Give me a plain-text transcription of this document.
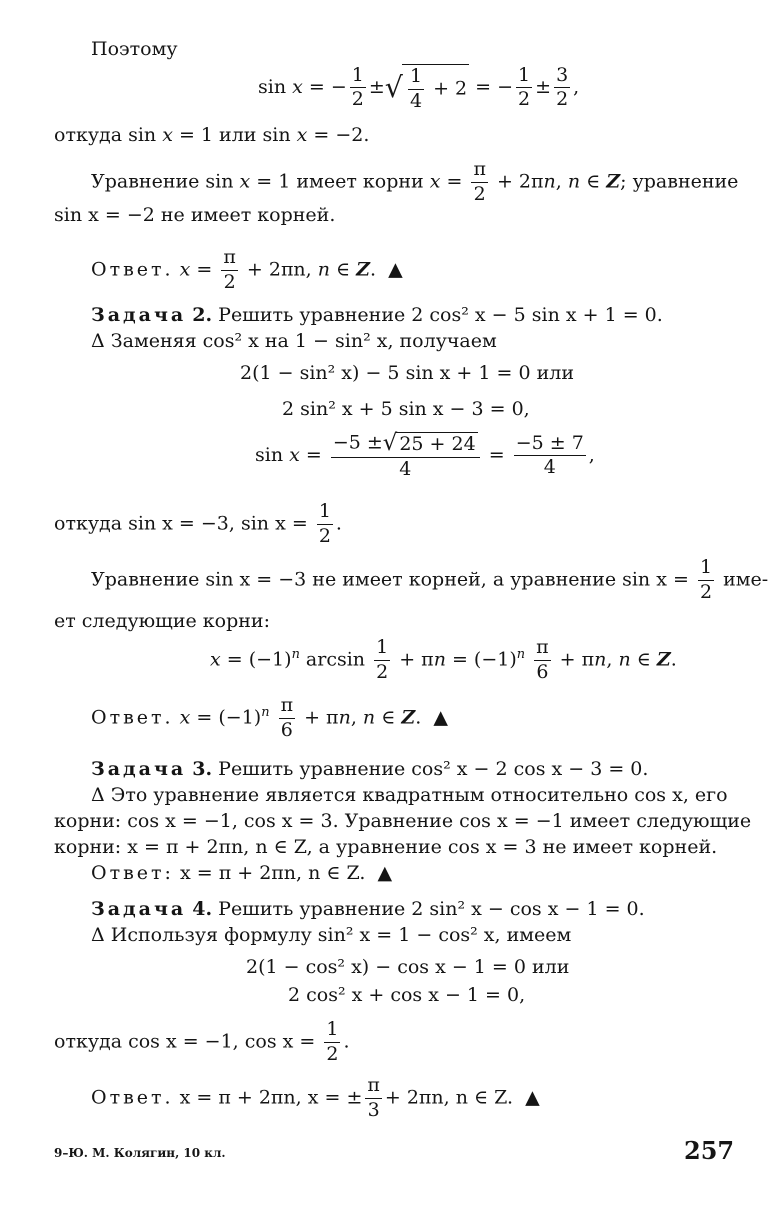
Поэтому
sin x = − $\frac{1}{2}$ ± √ $\frac{1}{4} + 2$ = − $\frac{1}{2} \pm \frac{3}{2}$ ,
откуда sin x = 1 или sin x = −2.
Уравнение sin x = 1 имеет корни $x = \frac{\pi}{2} + 2\pi n$, n ∈ Z; уравнение
sin x = −2 не имеет корней.
Ответ. $x = \frac{\pi}{2} + 2\pi n$, n ∈ Z.  ▲
Задача 2. Решить уравнение 2 cos² x − 5 sin x + 1 = 0.
Δ Заменяя cos² x на 1 − sin² x, получаем
2(1 − sin² x) − 5 sin x + 1 = 0 или
2 sin² x + 5 sin x − 3 = 0,
$\sin x = \frac{-5 \pm √ 25 + 24}{4} = \frac{-5 \pm 7}{4}$ ,
откуда sin x = −3, $\sin x = \frac{1}{2}$ .
Уравнение sin x = −3 не имеет корней, а уравнение $\sin x = \frac{1}{2} име-$
ет следующие корни:
$x = (-1)^n$ $\arcsin \frac{1}{2} + \pi n = (-1)^n \frac{\pi}{6} + \pi n$, n ∈ Z.
Ответ. $x = (-1)^n \frac{\pi}{6} + \pi n$, n ∈ Z.  ▲
Задача 3. Решить уравнение cos² x − 2 cos x − 3 = 0.
Δ Это уравнение является квадратным относительно cos x, его
корни: cos x = −1, cos x = 3. Уравнение cos x = −1 имеет следующие
корни: x = π + 2πn, n ∈ Z, а уравнение cos x = 3 не имеет корней.
Ответ: x = π + 2πn, n ∈ Z. ▲
Задача 4. Решить уравнение 2 sin² x − cos x − 1 = 0.
Δ Используя формулу sin² x = 1 − cos² x, имеем
2(1 − cos² x) − cos x − 1 = 0 или
2 cos² x + cos x − 1 = 0,
откуда cos x = −1, $\cos x = \frac{1}{2}$ .
Ответ. x = π + 2πn, x = ± $\frac{\pi}{3} + 2\pi n$, n ∈ Z. ▲
9–Ю. М. Колягин, 10 кл.	257
